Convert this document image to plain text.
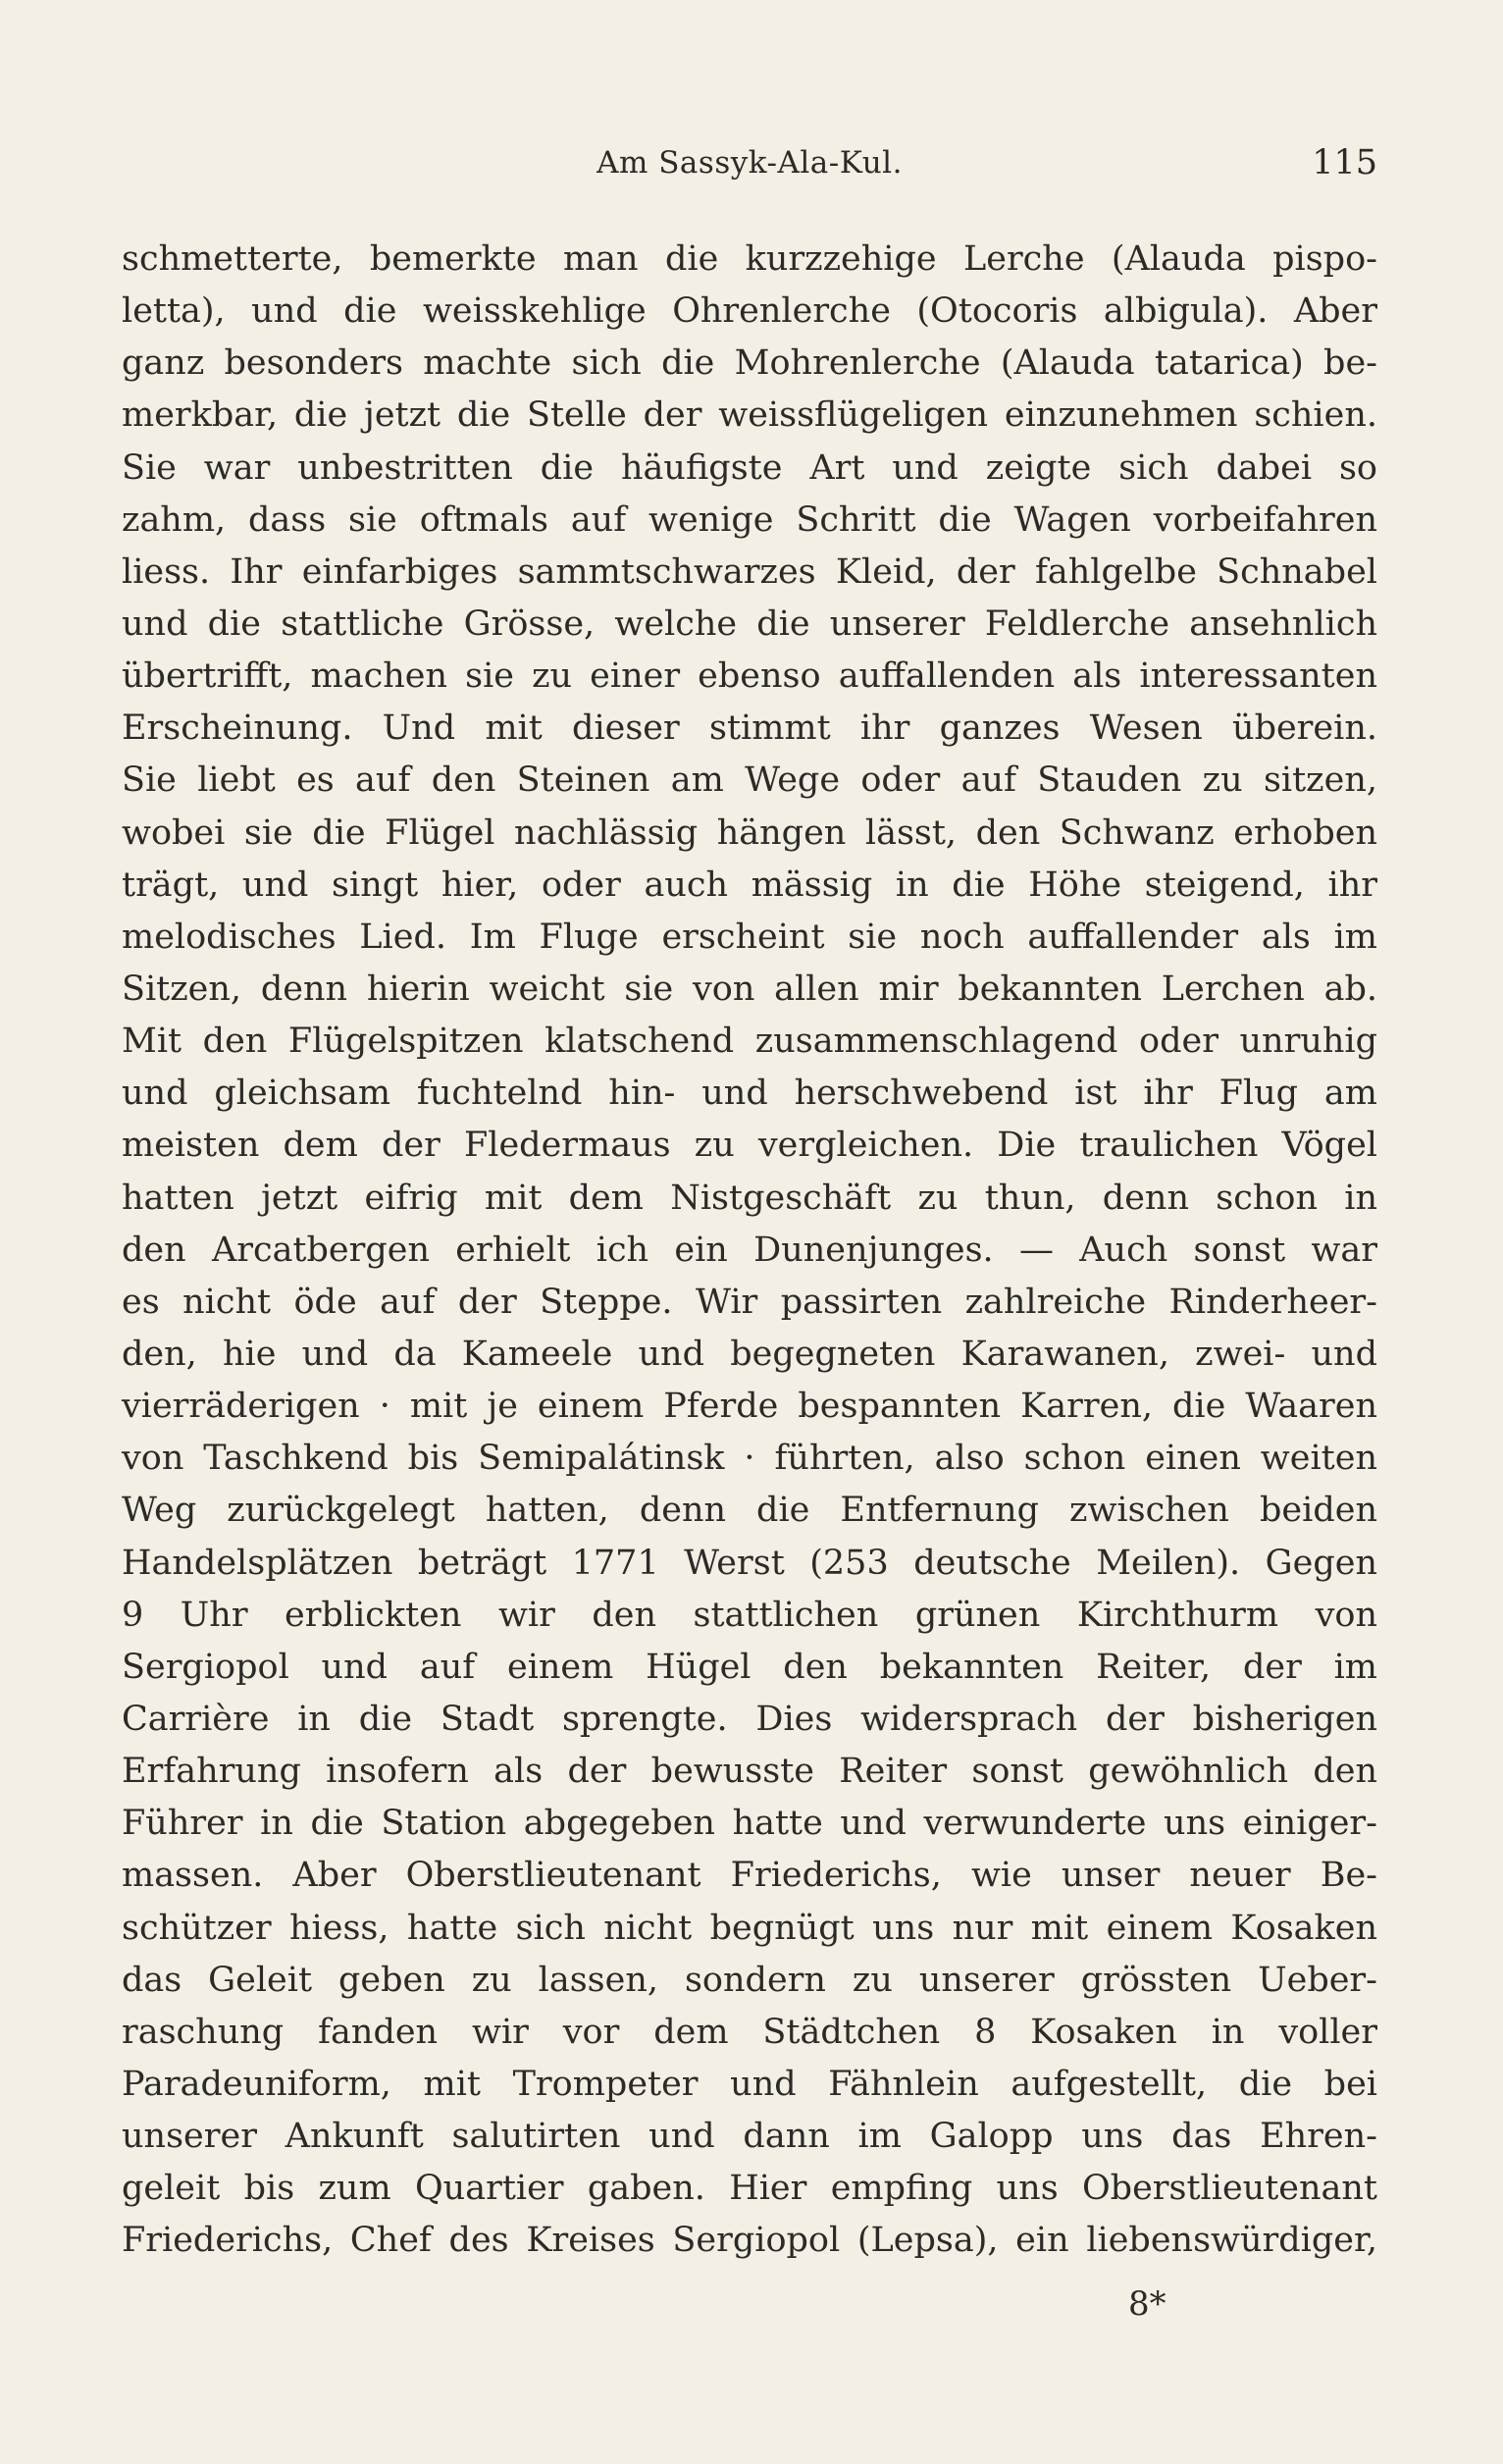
Am Sassyk-Ala-Kul.	115
schmetterte, bemerkte man die kurzzehige Lerche (Alauda pispo-
letta), und die weisskehlige Ohrenlerche (Otocoris albigula). Aber
ganz besonders machte sich die Mohrenlerche (Alauda tatarica) be-
merkbar, die jetzt die Stelle der weissflügeligen einzunehmen schien.
Sie war unbestritten die häufigste Art und zeigte sich dabei so
zahm, dass sie oftmals auf wenige Schritt die Wagen vorbeifahren
liess. Ihr einfarbiges sammtschwarzes Kleid, der fahlgelbe Schnabel
und die stattliche Grösse, welche die unserer Feldlerche ansehnlich
übertrifft, machen sie zu einer ebenso auffallenden als interessanten
Erscheinung. Und mit dieser stimmt ihr ganzes Wesen überein.
Sie liebt es auf den Steinen am Wege oder auf Stauden zu sitzen,
wobei sie die Flügel nachlässig hängen lässt, den Schwanz erhoben
trägt, und singt hier, oder auch mässig in die Höhe steigend, ihr
melodisches Lied. Im Fluge erscheint sie noch auffallender als im
Sitzen, denn hierin weicht sie von allen mir bekannten Lerchen ab.
Mit den Flügelspitzen klatschend zusammenschlagend oder unruhig
und gleichsam fuchtelnd hin- und herschwebend ist ihr Flug am
meisten dem der Fledermaus zu vergleichen. Die traulichen Vögel
hatten jetzt eifrig mit dem Nistgeschäft zu thun, denn schon in
den Arcatbergen erhielt ich ein Dunenjunges. — Auch sonst war
es nicht öde auf der Steppe. Wir passirten zahlreiche Rinderheer-
den, hie und da Kameele und begegneten Karawanen, zwei- und
vierräderigen · mit je einem Pferde bespannten Karren, die Waaren
von Taschkend bis Semipalátinsk · führten, also schon einen weiten
Weg zurückgelegt hatten, denn die Entfernung zwischen beiden
Handelsplätzen beträgt 1771 Werst (253 deutsche Meilen). Gegen
9 Uhr erblickten wir den stattlichen grünen Kirchthurm von
Sergiopol und auf einem Hügel den bekannten Reiter, der im
Carrière in die Stadt sprengte. Dies widersprach der bisherigen
Erfahrung insofern als der bewusste Reiter sonst gewöhnlich den
Führer in die Station abgegeben hatte und verwunderte uns einiger-
massen. Aber Oberstlieutenant Friederichs, wie unser neuer Be-
schützer hiess, hatte sich nicht begnügt uns nur mit einem Kosaken
das Geleit geben zu lassen, sondern zu unserer grössten Ueber-
raschung fanden wir vor dem Städtchen 8 Kosaken in voller
Paradeuniform, mit Trompeter und Fähnlein aufgestellt, die bei
unserer Ankunft salutirten und dann im Galopp uns das Ehren-
geleit bis zum Quartier gaben. Hier empfing uns Oberstlieutenant
Friederichs, Chef des Kreises Sergiopol (Lepsa), ein liebenswürdiger,
8*
